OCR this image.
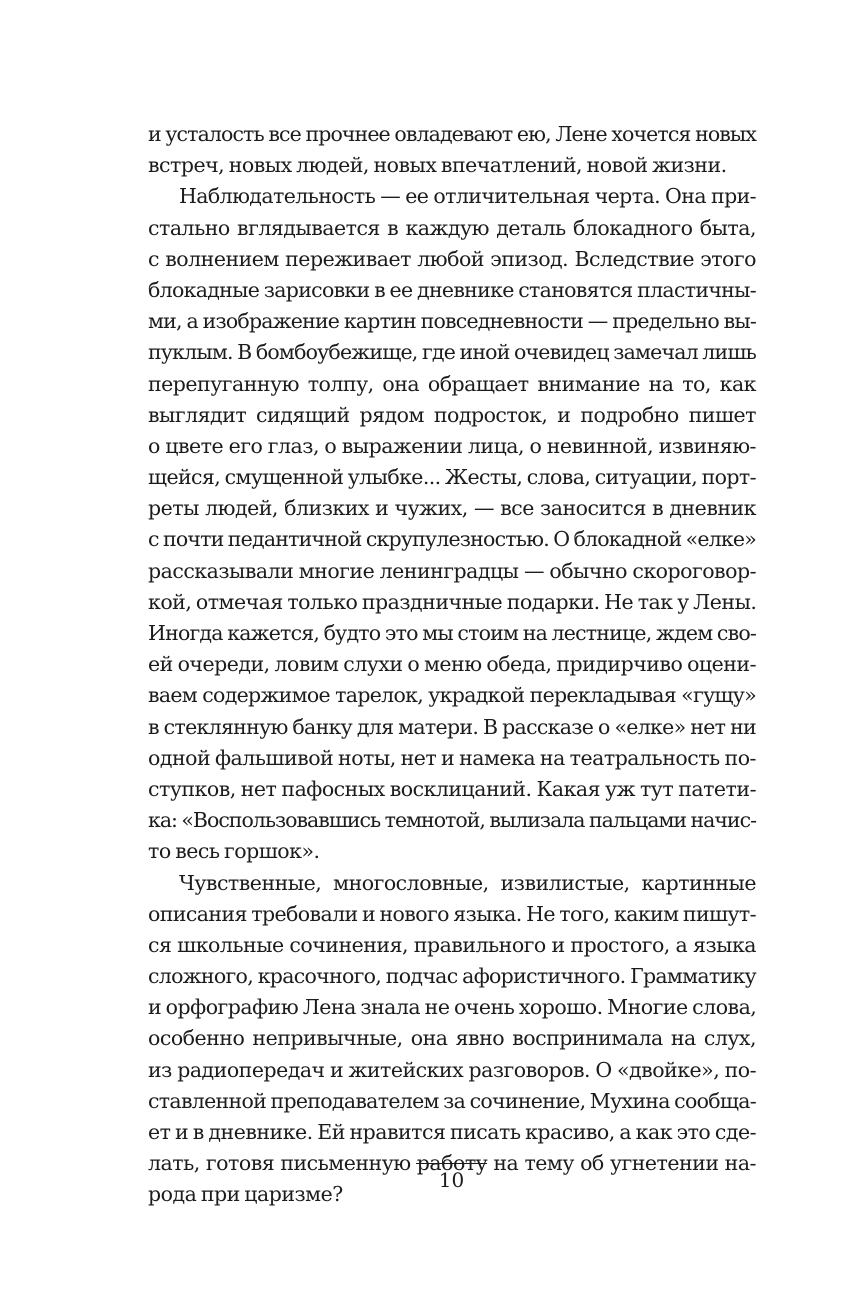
и усталость все прочнее овладевают ею, Лене хочется новых
встреч, новых людей, новых впечатлений, новой жизни.
Наблюдательность — ее отличительная черта. Она при-
стально вглядывается в каждую деталь блокадного быта,
с волнением переживает любой эпизод. Вследствие этого
блокадные зарисовки в ее дневнике становятся пластичны-
ми, а изображение картин повседневности — предельно вы-
пуклым. В бомбоубежище, где иной очевидец замечал лишь
перепуганную толпу, она обращает внимание на то, как
выглядит сидящий рядом подросток, и подробно пишет
о цвете его глаз, о выражении лица, о невинной, извиняю-
щейся, смущенной улыбке... Жесты, слова, ситуации, порт-
реты людей, близких и чужих, — все заносится в дневник
с почти педантичной скрупулезностью. О блокадной «елке»
рассказывали многие ленинградцы — обычно скороговор-
кой, отмечая только праздничные подарки. Не так у Лены.
Иногда кажется, будто это мы стоим на лестнице, ждем сво-
ей очереди, ловим слухи о меню обеда, придирчиво оцени-
ваем содержимое тарелок, украдкой перекладывая «гущу»
в стеклянную банку для матери. В рассказе о «елке» нет ни
одной фальшивой ноты, нет и намека на театральность по-
ступков, нет пафосных восклицаний. Какая уж тут патети-
ка: «Воспользовавшись темнотой, вылизала пальцами начис-
то весь горшок».
Чувственные, многословные, извилистые, картинные
описания требовали и нового языка. Не того, каким пишут-
ся школьные сочинения, правильного и простого, а языка
сложного, красочного, подчас афористичного. Грамматику
и орфографию Лена знала не очень хорошо. Многие слова,
особенно непривычные, она явно воспринимала на слух,
из радиопередач и житейских разговоров. О «двойке», по-
ставленной преподавателем за сочинение, Мухина сообща-
ет и в дневнике. Ей нравится писать красиво, а как это сде-
лать, готовя письменную работу на тему об угнетении на-
рода при царизме?
10
